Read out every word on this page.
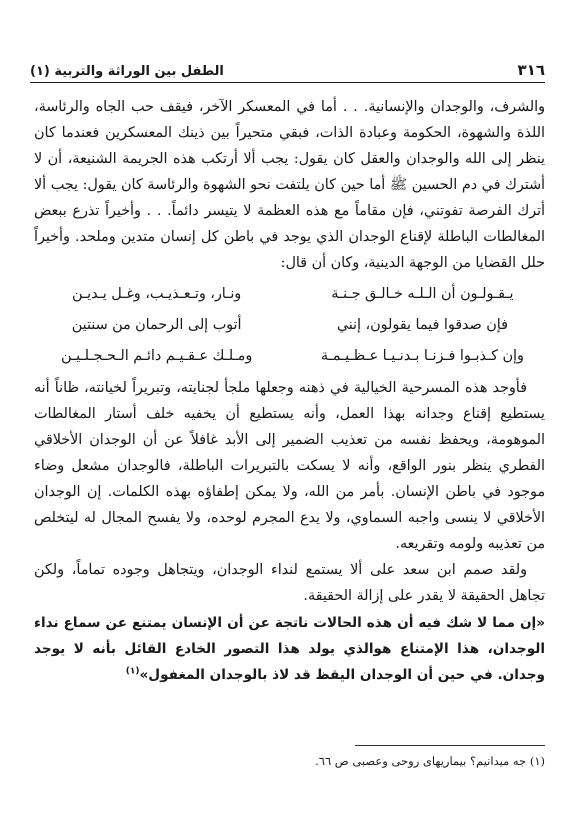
٣١٦
الطفل بين الوراثة والتربية (١)

والشرف، والوجدان والإنسانية. . . أما في المعسكر الآخر، فيقف حب الجاه والرئاسة، اللذة والشهوة، الحكومة وعبادة الذات، فبقي متحيراً بين ذينك المعسكرين فعندما كان ينظر إلى الله والوجدان والعقل كان يقول: يجب ألا أرتكب هذه الجريمة الشنيعة، أن لا أشترك في دم الحسين ﷺ أما حين كان يلتفت نحو الشهوة والرئاسة كان يقول: يجب ألا أترك الفرصة تفوتني، فإن مقاماً مع هذه العظمة لا يتيسر دائماً. . . وأخيراً تذرع ببعض المغالطات الباطلة لإقناع الوجدان الذي يوجد في باطن كل إنسان متدين وملحد. وأخيراً حلل القضايا من الوجهة الدينية، وكان أن قال:

يـقـولـون أن الـلـه خـالـق جـنـة
ونـار، وتـعـذيـب، وغـل يـديـن
فإن صدقوا فيما يقولون، إنني
أتوب إلى الرحمان من سنتين
وإن كـذبـوا فـزنـا بـدنـيـا عـظـيـمـة
ومـلـك عـقـيـم دائـم الـحـجـلـيـن

فأوجد هذه المسرحية الخيالية في ذهنه وجعلها ملجأ لجنايته، وتبريراً لخيانته، ظاناً أنه يستطيع إقناع وجدانه بهذا العمل، وأنه يستطيع أن يخفيه خلف أستار المغالطات الموهومة، ويحفظ نفسه من تعذيب الضمير إلى الأبد غافلاً عن أن الوجدان الأخلاقي الفطري ينظر بنور الواقع، وأنه لا يسكت بالتبريرات الباطلة، فالوجدان مشعل وضاء موجود في باطن الإنسان. بأمر من الله، ولا يمكن إطفاؤه بهذه الكلمات. إن الوجدان الأخلاقي لا ينسى واجبه السماوي، ولا يدع المجرم لوحده، ولا يفسح المجال له ليتخلص من تعذيبه ولومه وتقريعه.

ولقد صمم ابن سعد على ألا يستمع لنداء الوجدان، ويتجاهل وجوده تماماً، ولكن تجاهل الحقيقة لا يقدر على إزالة الحقيقة.

«إن مما لا شك فيه أن هذه الحالات ناتجة عن أن الإنسان يمتنع عن سماع نداء الوجدان، هذا الإمتناع هوالذي يولد هذا التصور الخادع القائل بأنه لا يوجد وجدان. في حين أن الوجدان اليقظ قد لاذ بالوجدان المغفول»$^{(١)}$

(١) جه ميدانيم؟ بيماريهاى روحى وعصبى ص ٦٦.
